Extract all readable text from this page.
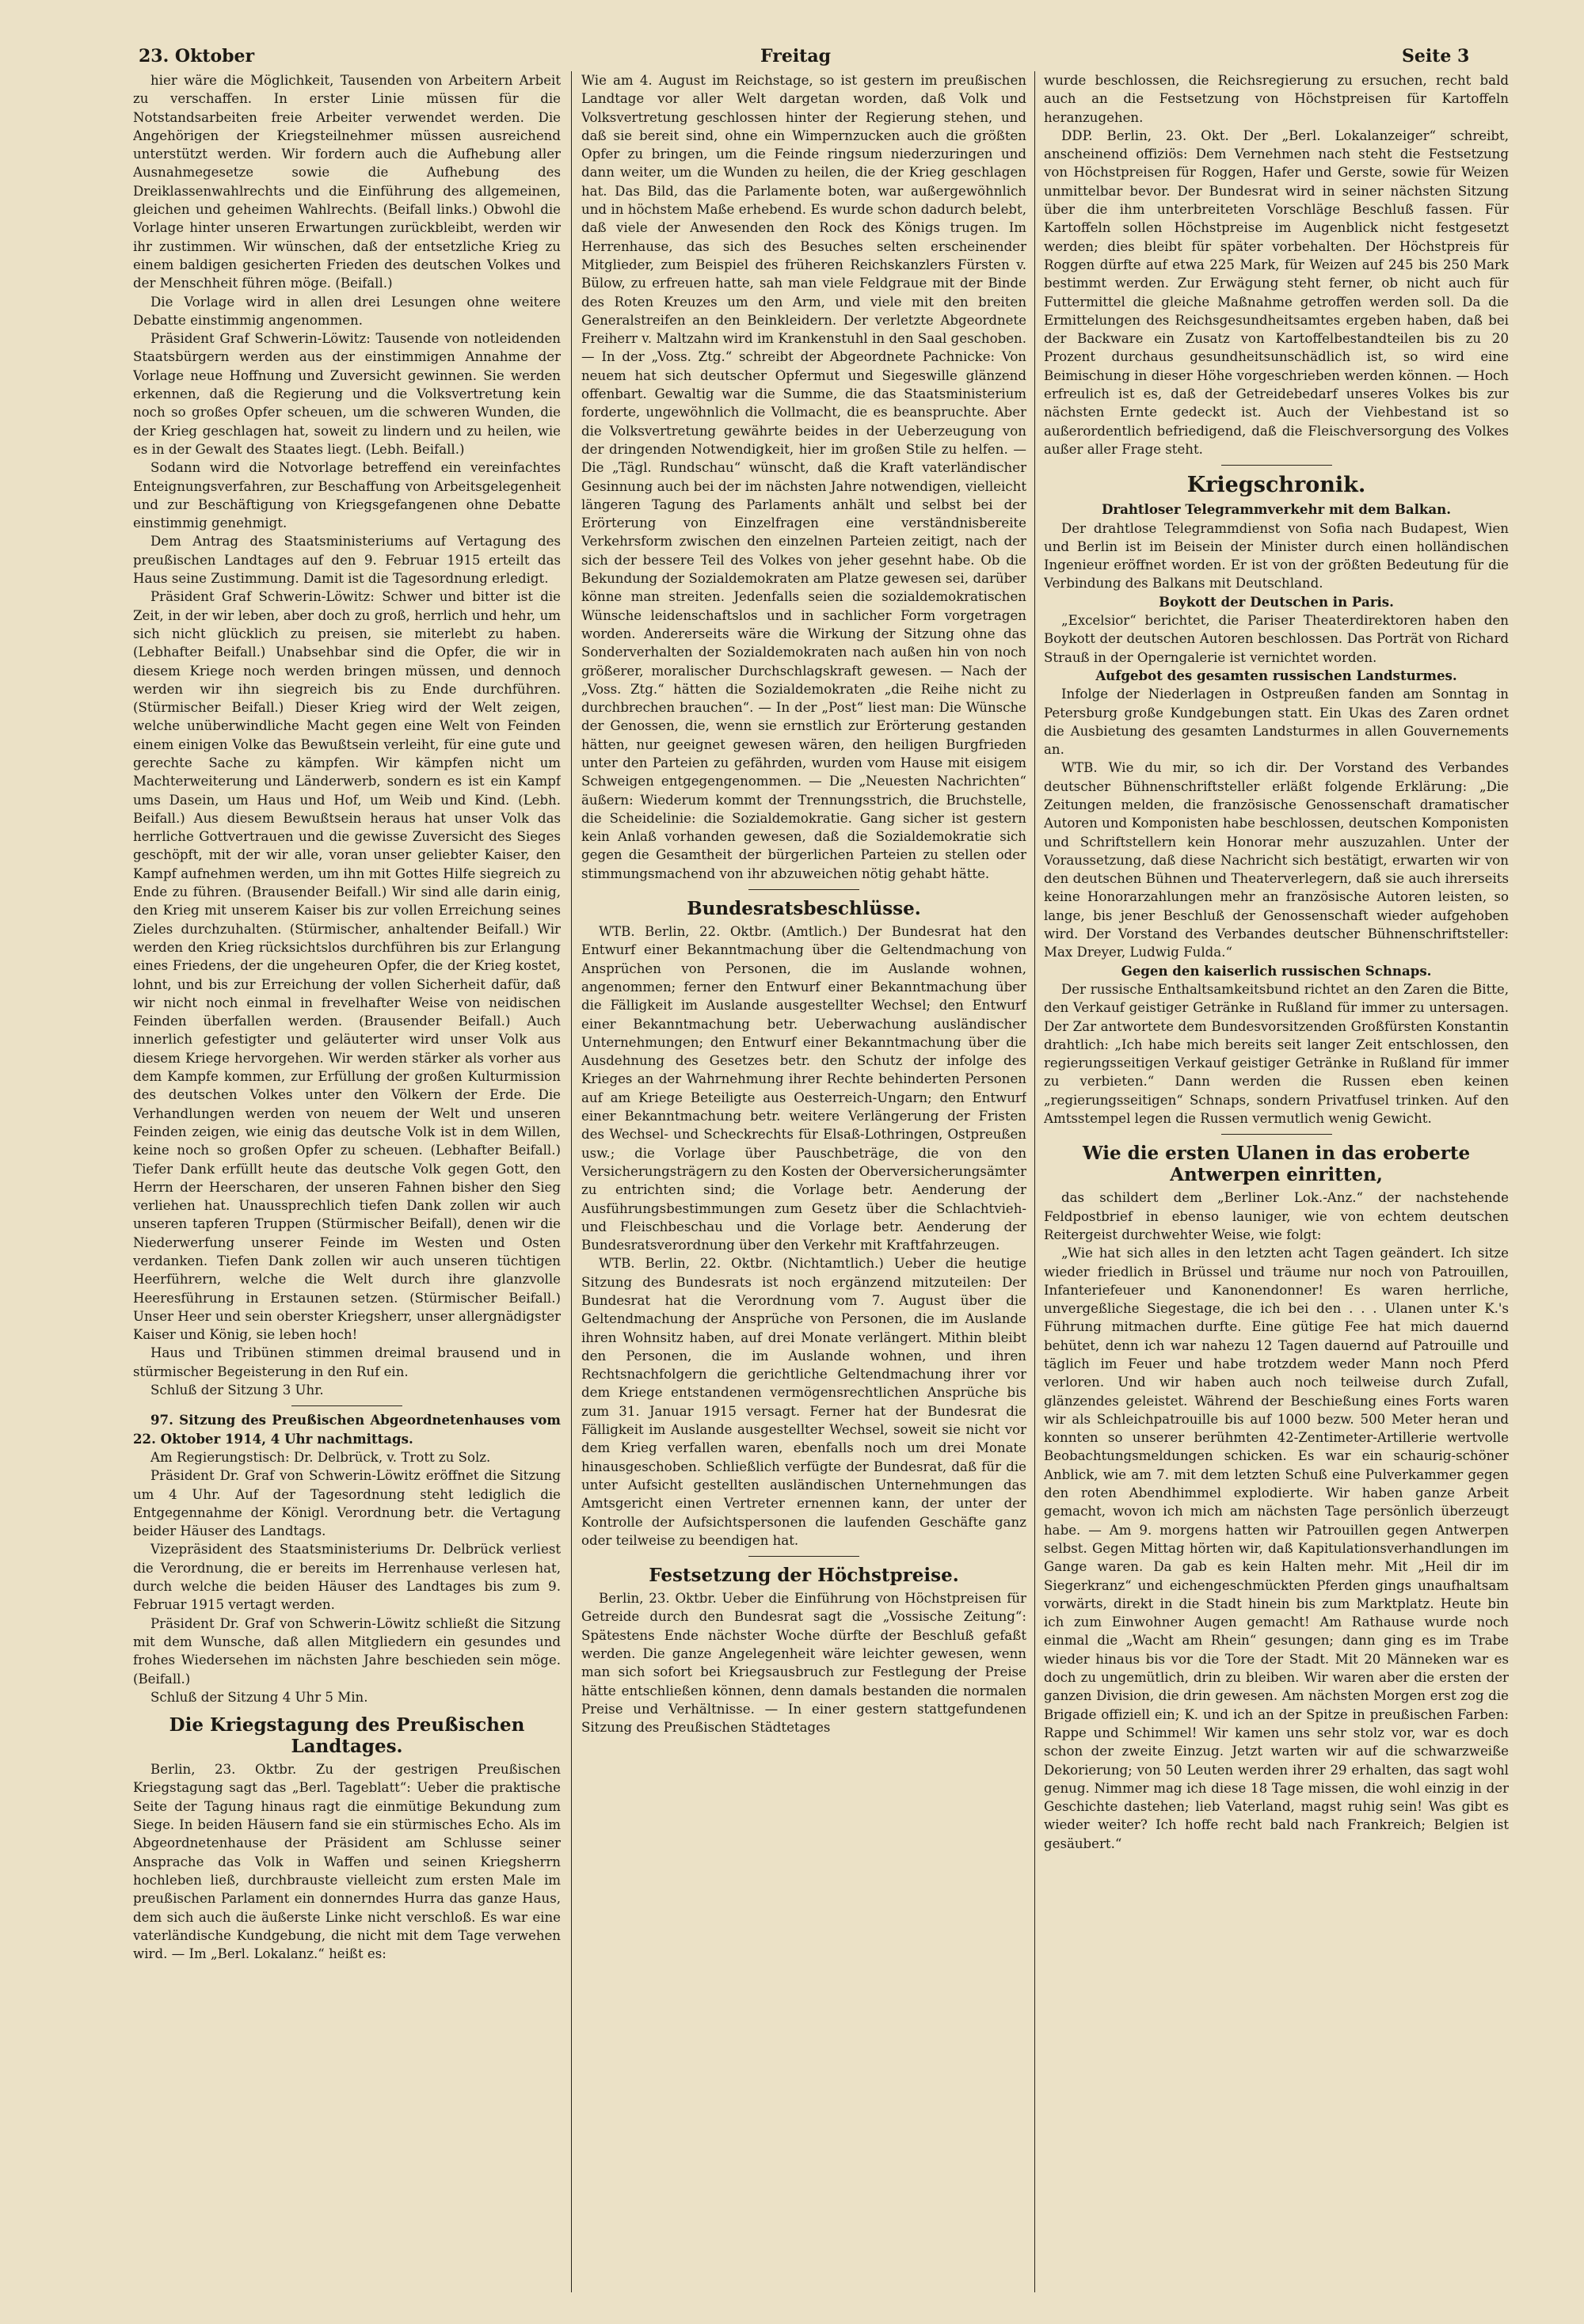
23. Oktober	Freitag	Seite 3

hier wäre die Möglichkeit, Tausenden von Arbeitern Arbeit zu verschaffen. In erster Linie müssen für die Notstandsarbeiten freie Arbeiter verwendet werden. Die Angehörigen der Kriegsteilnehmer müssen ausreichend unterstützt werden. Wir fordern auch die Aufhebung aller Ausnahmegesetze sowie die Aufhebung des Dreiklassenwahlrechts und die Einführung des allgemeinen, gleichen und geheimen Wahlrechts. (Beifall links.) Obwohl die Vorlage hinter unseren Erwartungen zurückbleibt, werden wir ihr zustimmen. Wir wünschen, daß der entsetzliche Krieg zu einem baldigen gesicherten Frieden des deutschen Volkes und der Menschheit führen möge. (Beifall.)

Die Vorlage wird in allen drei Lesungen ohne weitere Debatte einstimmig angenommen.

Präsident Graf Schwerin-Löwitz: Tausende von notleidenden Staatsbürgern werden aus der einstimmigen Annahme der Vorlage neue Hoffnung und Zuversicht gewinnen. Sie werden erkennen, daß die Regierung und die Volksvertretung kein noch so großes Opfer scheuen, um die schweren Wunden, die der Krieg geschlagen hat, soweit zu lindern und zu heilen, wie es in der Gewalt des Staates liegt. (Lebh. Beifall.)

Sodann wird die Notvorlage betreffend ein vereinfachtes Enteignungsverfahren, zur Beschaffung von Arbeitsgelegenheit und zur Beschäftigung von Kriegsgefangenen ohne Debatte einstimmig genehmigt.

Dem Antrag des Staatsministeriums auf Vertagung des preußischen Landtages auf den 9. Februar 1915 erteilt das Haus seine Zustimmung. Damit ist die Tagesordnung erledigt.

Präsident Graf Schwerin-Löwitz: Schwer und bitter ist die Zeit, in der wir leben, aber doch zu groß, herrlich und hehr, um sich nicht glücklich zu preisen, sie miterlebt zu haben. (Lebhafter Beifall.) Unabsehbar sind die Opfer, die wir in diesem Kriege noch werden bringen müssen, und dennoch werden wir ihn siegreich bis zu Ende durchführen. (Stürmischer Beifall.) Dieser Krieg wird der Welt zeigen, welche unüberwindliche Macht gegen eine Welt von Feinden einem einigen Volke das Bewußtsein verleiht, für eine gute und gerechte Sache zu kämpfen. Wir kämpfen nicht um Machterweiterung und Länderwerb, sondern es ist ein Kampf ums Dasein, um Haus und Hof, um Weib und Kind. (Lebh. Beifall.) Aus diesem Bewußtsein heraus hat unser Volk das herrliche Gottvertrauen und die gewisse Zuversicht des Sieges geschöpft, mit der wir alle, voran unser geliebter Kaiser, den Kampf aufnehmen werden, um ihn mit Gottes Hilfe siegreich zu Ende zu führen. (Brausender Beifall.) Wir sind alle darin einig, den Krieg mit unserem Kaiser bis zur vollen Erreichung seines Zieles durchzuhalten. (Stürmischer, anhaltender Beifall.) Wir werden den Krieg rücksichtslos durchführen bis zur Erlangung eines Friedens, der die ungeheuren Opfer, die der Krieg kostet, lohnt, und bis zur Erreichung der vollen Sicherheit dafür, daß wir nicht noch einmal in frevelhafter Weise von neidischen Feinden überfallen werden. (Brausender Beifall.) Auch innerlich gefestigter und geläuterter wird unser Volk aus diesem Kriege hervorgehen. Wir werden stärker als vorher aus dem Kampfe kommen, zur Erfüllung der großen Kulturmission des deutschen Volkes unter den Völkern der Erde. Die Verhandlungen werden von neuem der Welt und unseren Feinden zeigen, wie einig das deutsche Volk ist in dem Willen, keine noch so großen Opfer zu scheuen. (Lebhafter Beifall.) Tiefer Dank erfüllt heute das deutsche Volk gegen Gott, den Herrn der Heerscharen, der unseren Fahnen bisher den Sieg verliehen hat. Unaussprechlich tiefen Dank zollen wir auch unseren tapferen Truppen (Stürmischer Beifall), denen wir die Niederwerfung unserer Feinde im Westen und Osten verdanken. Tiefen Dank zollen wir auch unseren tüchtigen Heerführern, welche die Welt durch ihre glanzvolle Heeresführung in Erstaunen setzen. (Stürmischer Beifall.) Unser Heer und sein oberster Kriegsherr, unser allergnädigster Kaiser und König, sie leben hoch!

Haus und Tribünen stimmen dreimal brausend und in stürmischer Begeisterung in den Ruf ein.

Schluß der Sitzung 3 Uhr.

97. Sitzung des Preußischen Abgeordnetenhauses vom 22. Oktober 1914, 4 Uhr nachmittags.

Am Regierungstisch: Dr. Delbrück, v. Trott zu Solz.

Präsident Dr. Graf von Schwerin-Löwitz eröffnet die Sitzung um 4 Uhr. Auf der Tagesordnung steht lediglich die Entgegennahme der Königl. Verordnung betr. die Vertagung beider Häuser des Landtags.

Vizepräsident des Staatsministeriums Dr. Delbrück verliest die Verordnung, die er bereits im Herrenhause verlesen hat, durch welche die beiden Häuser des Landtages bis zum 9. Februar 1915 vertagt werden.

Präsident Dr. Graf von Schwerin-Löwitz schließt die Sitzung mit dem Wunsche, daß allen Mitgliedern ein gesundes und frohes Wiedersehen im nächsten Jahre beschieden sein möge. (Beifall.)

Schluß der Sitzung 4 Uhr 5 Min.

Die Kriegstagung des Preußischen Landtages.

Berlin, 23. Oktbr. Zu der gestrigen Preußischen Kriegstagung sagt das „Berl. Tageblatt“: Ueber die praktische Seite der Tagung hinaus ragt die einmütige Bekundung zum Siege. In beiden Häusern fand sie ein stürmisches Echo. Als im Abgeordnetenhause der Präsident am Schlusse seiner Ansprache das Volk in Waffen und seinen Kriegsherrn hochleben ließ, durchbrauste vielleicht zum ersten Male im preußischen Parlament ein donnerndes Hurra das ganze Haus, dem sich auch die äußerste Linke nicht verschloß. Es war eine vaterländische Kundgebung, die nicht mit dem Tage verwehen wird. — Im „Berl. Lokalanz.“ heißt es:

Wie am 4. August im Reichstage, so ist gestern im preußischen Landtage vor aller Welt dargetan worden, daß Volk und Volksvertretung geschlossen hinter der Regierung stehen, und daß sie bereit sind, ohne ein Wimpernzucken auch die größten Opfer zu bringen, um die Feinde ringsum niederzuringen und dann weiter, um die Wunden zu heilen, die der Krieg geschlagen hat. Das Bild, das die Parlamente boten, war außergewöhnlich und in höchstem Maße erhebend. Es wurde schon dadurch belebt, daß viele der Anwesenden den Rock des Königs trugen. Im Herrenhause, das sich des Besuches selten erscheinender Mitglieder, zum Beispiel des früheren Reichskanzlers Fürsten v. Bülow, zu erfreuen hatte, sah man viele Feldgraue mit der Binde des Roten Kreuzes um den Arm, und viele mit den breiten Generalstreifen an den Beinkleidern. Der verletzte Abgeordnete Freiherr v. Maltzahn wird im Krankenstuhl in den Saal geschoben. — In der „Voss. Ztg.“ schreibt der Abgeordnete Pachnicke: Von neuem hat sich deutscher Opfermut und Siegeswille glänzend offenbart. Gewaltig war die Summe, die das Staatsministerium forderte, ungewöhnlich die Vollmacht, die es beanspruchte. Aber die Volksvertretung gewährte beides in der Ueberzeugung von der dringenden Notwendigkeit, hier im großen Stile zu helfen. — Die „Tägl. Rundschau“ wünscht, daß die Kraft vaterländischer Gesinnung auch bei der im nächsten Jahre notwendigen, vielleicht längeren Tagung des Parlaments anhält und selbst bei der Erörterung von Einzelfragen eine verständnisbereite Verkehrsform zwischen den einzelnen Parteien zeitigt, nach der sich der bessere Teil des Volkes von jeher gesehnt habe. Ob die Bekundung der Sozialdemokraten am Platze gewesen sei, darüber könne man streiten. Jedenfalls seien die sozialdemokratischen Wünsche leidenschaftslos und in sachlicher Form vorgetragen worden. Andererseits wäre die Wirkung der Sitzung ohne das Sonderverhalten der Sozialdemokraten nach außen hin von noch größerer, moralischer Durchschlagskraft gewesen. — Nach der „Voss. Ztg.“ hätten die Sozialdemokraten „die Reihe nicht zu durchbrechen brauchen“. — In der „Post“ liest man: Die Wünsche der Genossen, die, wenn sie ernstlich zur Erörterung gestanden hätten, nur geeignet gewesen wären, den heiligen Burgfrieden unter den Parteien zu gefährden, wurden vom Hause mit eisigem Schweigen entgegengenommen. — Die „Neuesten Nachrichten“ äußern: Wiederum kommt der Trennungsstrich, die Bruchstelle, die Scheidelinie: die Sozialdemokratie. Gang sicher ist gestern kein Anlaß vorhanden gewesen, daß die Sozialdemokratie sich gegen die Gesamtheit der bürgerlichen Parteien zu stellen oder stimmungsmachend von ihr abzuweichen nötig gehabt hätte.

Bundesratsbeschlüsse.

WTB. Berlin, 22. Oktbr. (Amtlich.) Der Bundesrat hat den Entwurf einer Bekanntmachung über die Geltendmachung von Ansprüchen von Personen, die im Auslande wohnen, angenommen; ferner den Entwurf einer Bekanntmachung über die Fälligkeit im Auslande ausgestellter Wechsel; den Entwurf einer Bekanntmachung betr. Ueberwachung ausländischer Unternehmungen; den Entwurf einer Bekanntmachung über die Ausdehnung des Gesetzes betr. den Schutz der infolge des Krieges an der Wahrnehmung ihrer Rechte behinderten Personen auf am Kriege Beteiligte aus Oesterreich-Ungarn; den Entwurf einer Bekanntmachung betr. weitere Verlängerung der Fristen des Wechsel- und Scheckrechts für Elsaß-Lothringen, Ostpreußen usw.; die Vorlage über Pauschbeträge, die von den Versicherungsträgern zu den Kosten der Oberversicherungsämter zu entrichten sind; die Vorlage betr. Aenderung der Ausführungsbestimmungen zum Gesetz über die Schlachtvieh- und Fleischbeschau und die Vorlage betr. Aenderung der Bundesratsverordnung über den Verkehr mit Kraftfahrzeugen.

WTB. Berlin, 22. Oktbr. (Nichtamtlich.) Ueber die heutige Sitzung des Bundesrats ist noch ergänzend mitzuteilen: Der Bundesrat hat die Verordnung vom 7. August über die Geltendmachung der Ansprüche von Personen, die im Auslande ihren Wohnsitz haben, auf drei Monate verlängert. Mithin bleibt den Personen, die im Auslande wohnen, und ihren Rechtsnachfolgern die gerichtliche Geltendmachung ihrer vor dem Kriege entstandenen vermögensrechtlichen Ansprüche bis zum 31. Januar 1915 versagt. Ferner hat der Bundesrat die Fälligkeit im Auslande ausgestellter Wechsel, soweit sie nicht vor dem Krieg verfallen waren, ebenfalls noch um drei Monate hinausgeschoben. Schließlich verfügte der Bundesrat, daß für die unter Aufsicht gestellten ausländischen Unternehmungen das Amtsgericht einen Vertreter ernennen kann, der unter der Kontrolle der Aufsichtspersonen die laufenden Geschäfte ganz oder teilweise zu beendigen hat.

Festsetzung der Höchstpreise.

Berlin, 23. Oktbr. Ueber die Einführung von Höchstpreisen für Getreide durch den Bundesrat sagt die „Vossische Zeitung“: Spätestens Ende nächster Woche dürfte der Beschluß gefaßt werden. Die ganze Angelegenheit wäre leichter gewesen, wenn man sich sofort bei Kriegsausbruch zur Festlegung der Preise hätte entschließen können, denn damals bestanden die normalen Preise und Verhältnisse. — In einer gestern stattgefundenen Sitzung des Preußischen Städtetages

wurde beschlossen, die Reichsregierung zu ersuchen, recht bald auch an die Festsetzung von Höchstpreisen für Kartoffeln heranzugehen.

DDP. Berlin, 23. Okt. Der „Berl. Lokalanzeiger“ schreibt, anscheinend offiziös: Dem Vernehmen nach steht die Festsetzung von Höchstpreisen für Roggen, Hafer und Gerste, sowie für Weizen unmittelbar bevor. Der Bundesrat wird in seiner nächsten Sitzung über die ihm unterbreiteten Vorschläge Beschluß fassen. Für Kartoffeln sollen Höchstpreise im Augenblick nicht festgesetzt werden; dies bleibt für später vorbehalten. Der Höchstpreis für Roggen dürfte auf etwa 225 Mark, für Weizen auf 245 bis 250 Mark bestimmt werden. Zur Erwägung steht ferner, ob nicht auch für Futtermittel die gleiche Maßnahme getroffen werden soll. Da die Ermittelungen des Reichsgesundheitsamtes ergeben haben, daß bei der Backware ein Zusatz von Kartoffelbestandteilen bis zu 20 Prozent durchaus gesundheitsunschädlich ist, so wird eine Beimischung in dieser Höhe vorgeschrieben werden können. — Hoch erfreulich ist es, daß der Getreidebedarf unseres Volkes bis zur nächsten Ernte gedeckt ist. Auch der Viehbestand ist so außerordentlich befriedigend, daß die Fleischversorgung des Volkes außer aller Frage steht.

Kriegschronik.
Drahtloser Telegrammverkehr mit dem Balkan.

Der drahtlose Telegrammdienst von Sofia nach Budapest, Wien und Berlin ist im Beisein der Minister durch einen holländischen Ingenieur eröffnet worden. Er ist von der größten Bedeutung für die Verbindung des Balkans mit Deutschland.

Boykott der Deutschen in Paris.

„Excelsior“ berichtet, die Pariser Theaterdirektoren haben den Boykott der deutschen Autoren beschlossen. Das Porträt von Richard Strauß in der Operngalerie ist vernichtet worden.

Aufgebot des gesamten russischen Landsturmes.

Infolge der Niederlagen in Ostpreußen fanden am Sonntag in Petersburg große Kundgebungen statt. Ein Ukas des Zaren ordnet die Ausbietung des gesamten Landsturmes in allen Gouvernements an.

WTB. Wie du mir, so ich dir. Der Vorstand des Verbandes deutscher Bühnenschriftsteller erläßt folgende Erklärung: „Die Zeitungen melden, die französische Genossenschaft dramatischer Autoren und Komponisten habe beschlossen, deutschen Komponisten und Schriftstellern kein Honorar mehr auszuzahlen. Unter der Voraussetzung, daß diese Nachricht sich bestätigt, erwarten wir von den deutschen Bühnen und Theaterverlegern, daß sie auch ihrerseits keine Honorarzahlungen mehr an französische Autoren leisten, so lange, bis jener Beschluß der Genossenschaft wieder aufgehoben wird. Der Vorstand des Verbandes deutscher Bühnenschriftsteller: Max Dreyer, Ludwig Fulda.“

Gegen den kaiserlich russischen Schnaps.

Der russische Enthaltsamkeitsbund richtet an den Zaren die Bitte, den Verkauf geistiger Getränke in Rußland für immer zu untersagen. Der Zar antwortete dem Bundesvorsitzenden Großfürsten Konstantin drahtlich: „Ich habe mich bereits seit langer Zeit entschlossen, den regierungsseitigen Verkauf geistiger Getränke in Rußland für immer zu verbieten.“ Dann werden die Russen eben keinen „regierungsseitigen“ Schnaps, sondern Privatfusel trinken. Auf den Amtsstempel legen die Russen vermutlich wenig Gewicht.

Wie die ersten Ulanen in das eroberte Antwerpen einritten,

das schildert dem „Berliner Lok.-Anz.“ der nachstehende Feldpostbrief in ebenso launiger, wie von echtem deutschen Reitergeist durchwehter Weise, wie folgt:

„Wie hat sich alles in den letzten acht Tagen geändert. Ich sitze wieder friedlich in Brüssel und träume nur noch von Patrouillen, Infanteriefeuer und Kanonendonner! Es waren herrliche, unvergeßliche Siegestage, die ich bei den . . . Ulanen unter K.'s Führung mitmachen durfte. Eine gütige Fee hat mich dauernd behütet, denn ich war nahezu 12 Tagen dauernd auf Patrouille und täglich im Feuer und habe trotzdem weder Mann noch Pferd verloren. Und wir haben auch noch teilweise durch Zufall, glänzendes geleistet. Während der Beschießung eines Forts waren wir als Schleichpatrouille bis auf 1000 bezw. 500 Meter heran und konnten so unserer berühmten 42-Zentimeter-Artillerie wertvolle Beobachtungsmeldungen schicken. Es war ein schaurig-schöner Anblick, wie am 7. mit dem letzten Schuß eine Pulverkammer gegen den roten Abendhimmel explodierte. Wir haben ganze Arbeit gemacht, wovon ich mich am nächsten Tage persönlich überzeugt habe. — Am 9. morgens hatten wir Patrouillen gegen Antwerpen selbst. Gegen Mittag hörten wir, daß Kapitulationsverhandlungen im Gange waren. Da gab es kein Halten mehr. Mit „Heil dir im Siegerkranz“ und eichengeschmückten Pferden gings unaufhaltsam vorwärts, direkt in die Stadt hinein bis zum Marktplatz. Heute bin ich zum Einwohner Augen gemacht! Am Rathause wurde noch einmal die „Wacht am Rhein“ gesungen; dann ging es im Trabe wieder hinaus bis vor die Tore der Stadt. Mit 20 Männeken war es doch zu ungemütlich, drin zu bleiben. Wir waren aber die ersten der ganzen Division, die drin gewesen. Am nächsten Morgen erst zog die Brigade offiziell ein; K. und ich an der Spitze in preußischen Farben: Rappe und Schimmel! Wir kamen uns sehr stolz vor, war es doch schon der zweite Einzug. Jetzt warten wir auf die schwarzweiße Dekorierung; von 50 Leuten werden ihrer 29 erhalten, das sagt wohl genug. Nimmer mag ich diese 18 Tage missen, die wohl einzig in der Geschichte dastehen; lieb Vaterland, magst ruhig sein! Was gibt es wieder weiter? Ich hoffe recht bald nach Frankreich; Belgien ist gesäubert.“
